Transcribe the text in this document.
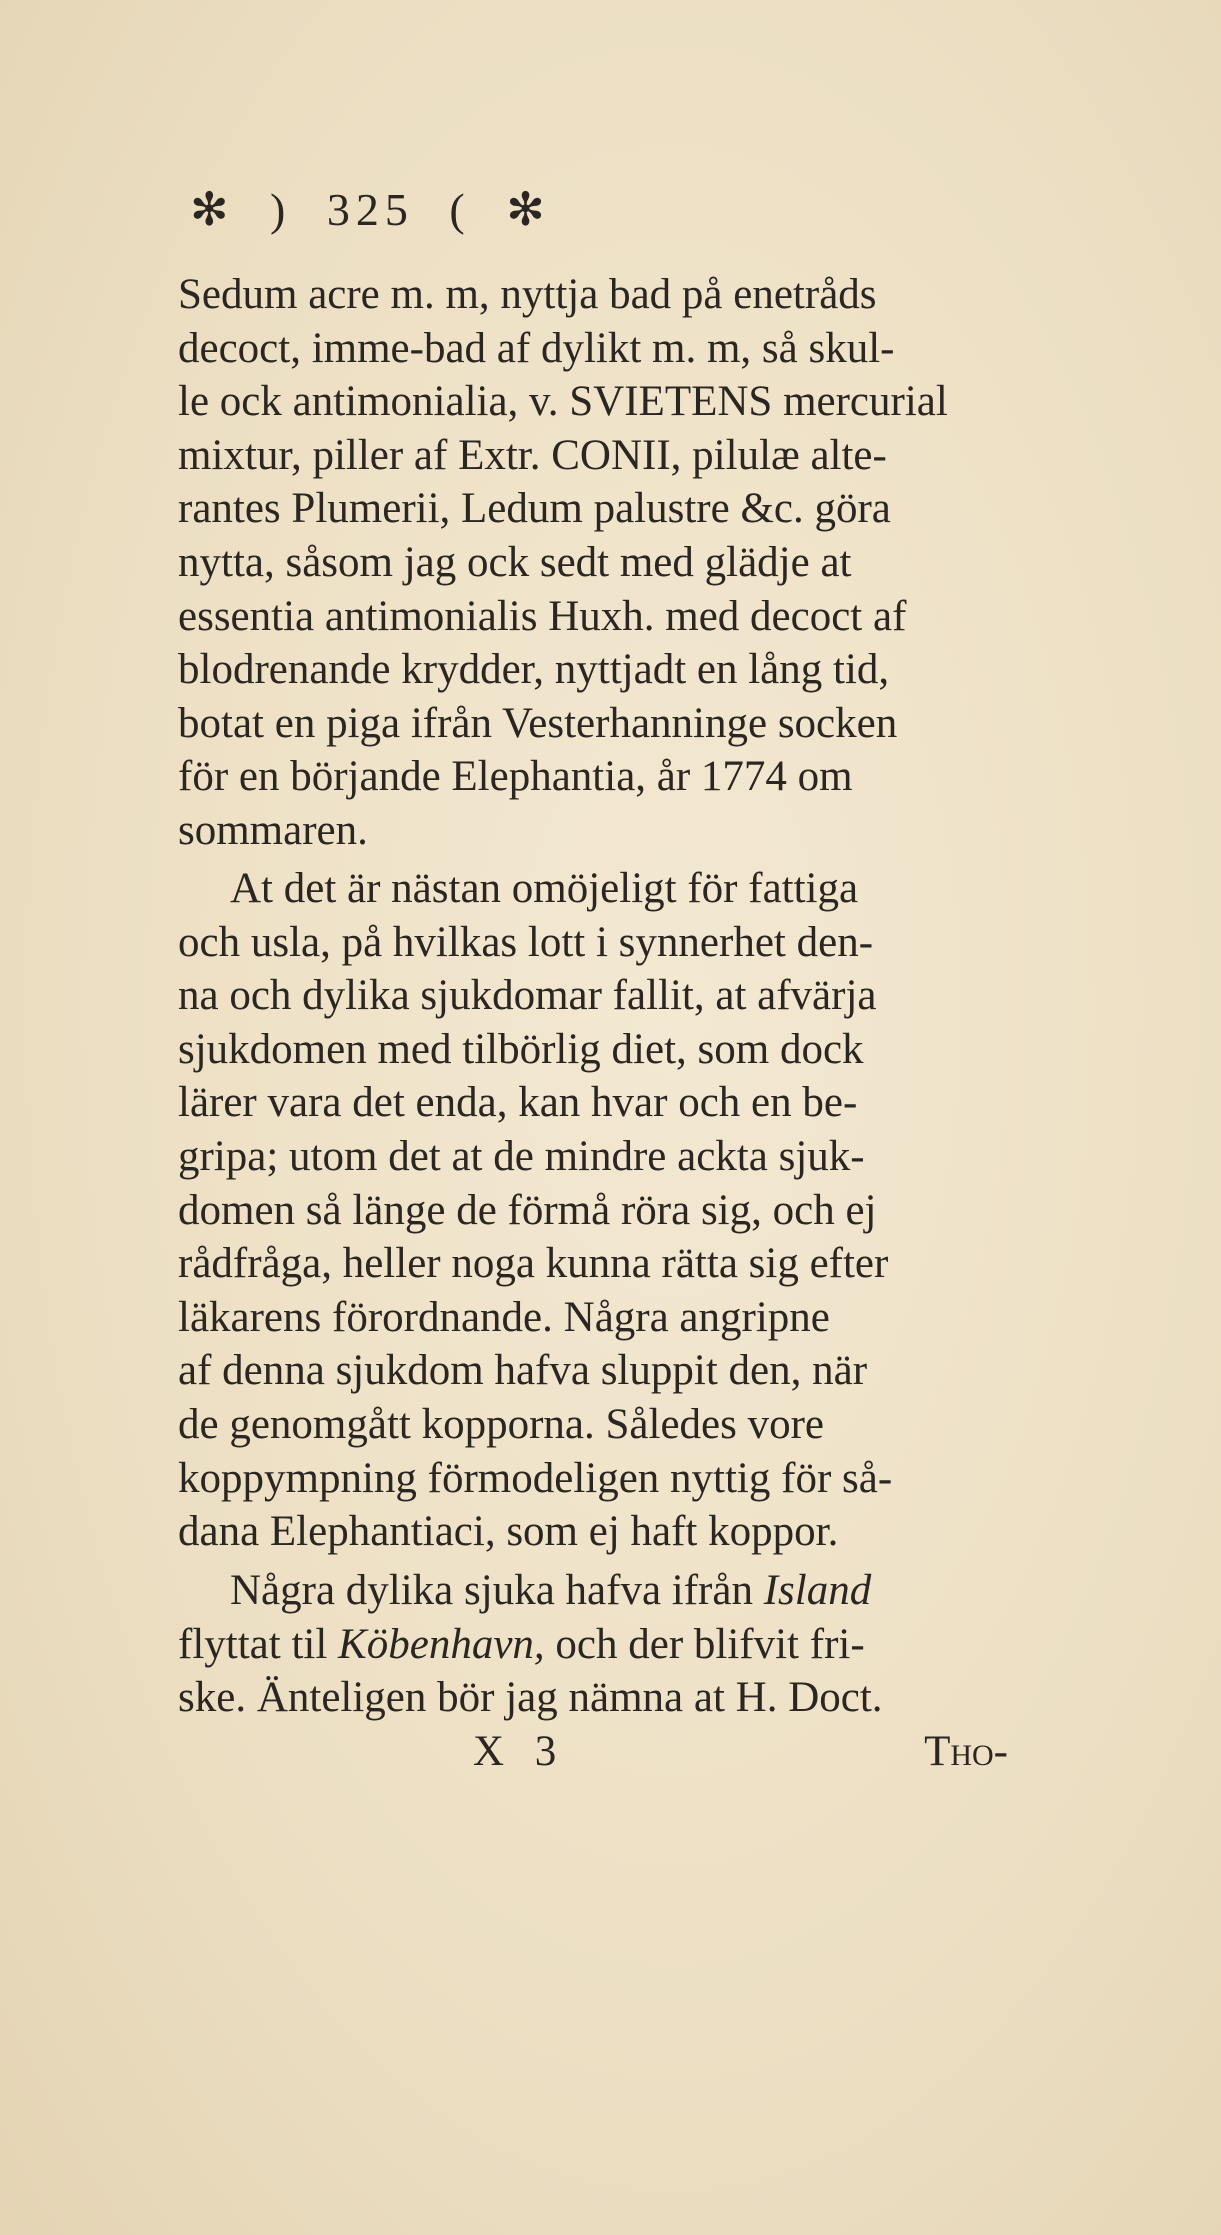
✻ ) 325 ( ✻
Sedum acre m. m, nyttja bad på enetråds
decoct, imme-bad af dylikt m. m, så skul-
le ock antimonialia, v. SVIETENS mercurial
mixtur, piller af Extr. CONII, pilulæ alte-
rantes Plumerii, Ledum palustre &c. göra
nytta, såsom jag ock sedt med glädje at
essentia antimonialis Huxh. med decoct af
blodrenande krydder, nyttjadt en lång tid,
botat en piga ifrån Vesterhanninge socken
för en börjande Elephantia, år 1774 om
sommaren.
At det är nästan omöjeligt för fattiga
och usla, på hvilkas lott i synnerhet den-
na och dylika sjukdomar fallit, at afvärja
sjukdomen med tilbörlig diet, som dock
lärer vara det enda, kan hvar och en be-
gripa; utom det at de mindre ackta sjuk-
domen så länge de förmå röra sig, och ej
rådfråga, heller noga kunna rätta sig efter
läkarens förordnande. Några angripne
af denna sjukdom hafva sluppit den, när
de genomgått kopporna. Således vore
koppympning förmodeligen nyttig för så-
dana Elephantiaci, som ej haft koppor.
Några dylika sjuka hafva ifrån Island
flyttat til Köbenhavn, och der blifvit fri-
ske. Änteligen bör jag nämna at H. Doct.
X 3	Tho-
